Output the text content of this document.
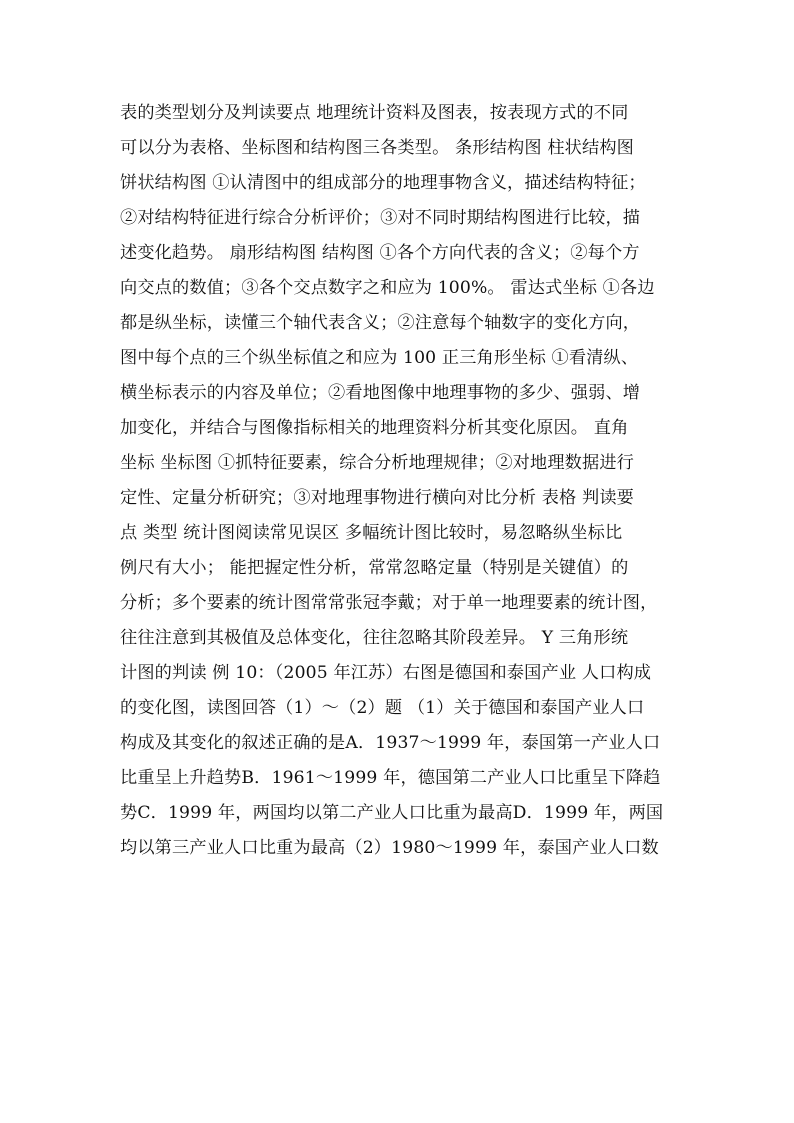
表的类型划分及判读要点 地理统计资料及图表，按表现方式的不同
可以分为表格、坐标图和结构图三各类型。 条形结构图 柱状结构图
饼状结构图 ①认清图中的组成部分的地理事物含义，描述结构特征；
②对结构特征进行综合分析评价；③对不同时期结构图进行比较，描
述变化趋势。 扇形结构图 结构图 ①各个方向代表的含义；②每个方
向交点的数值；③各个交点数字之和应为 100%。 雷达式坐标 ①各边
都是纵坐标，读懂三个轴代表含义；②注意每个轴数字的变化方向，
图中每个点的三个纵坐标值之和应为 100 正三角形坐标 ①看清纵、
横坐标表示的内容及单位；②看地图像中地理事物的多少、强弱、增
加变化，并结合与图像指标相关的地理资料分析其变化原因。 直角
坐标 坐标图 ①抓特征要素，综合分析地理规律；②对地理数据进行
定性、定量分析研究；③对地理事物进行横向对比分析 表格 判读要
点 类型 统计图阅读常见误区 多幅统计图比较时，易忽略纵坐标比
例尺有大小； 能把握定性分析，常常忽略定量（特别是关键值）的
分析；多个要素的统计图常常张冠李戴；对于单一地理要素的统计图，
往往注意到其极值及总体变化，往往忽略其阶段差异。 Y 三角形统
计图的判读 例 10：（2005 年江苏）右图是德国和泰国产业 人口构成
的变化图，读图回答（1）～（2）题 （1）关于德国和泰国产业人口
构成及其变化的叙述正确的是A．1937～1999 年，泰国第一产业人口
比重呈上升趋势B．1961～1999 年，德国第二产业人口比重呈下降趋
势C．1999 年，两国均以第二产业人口比重为最高D．1999 年，两国
均以第三产业人口比重为最高（2）1980～1999 年，泰国产业人口数
